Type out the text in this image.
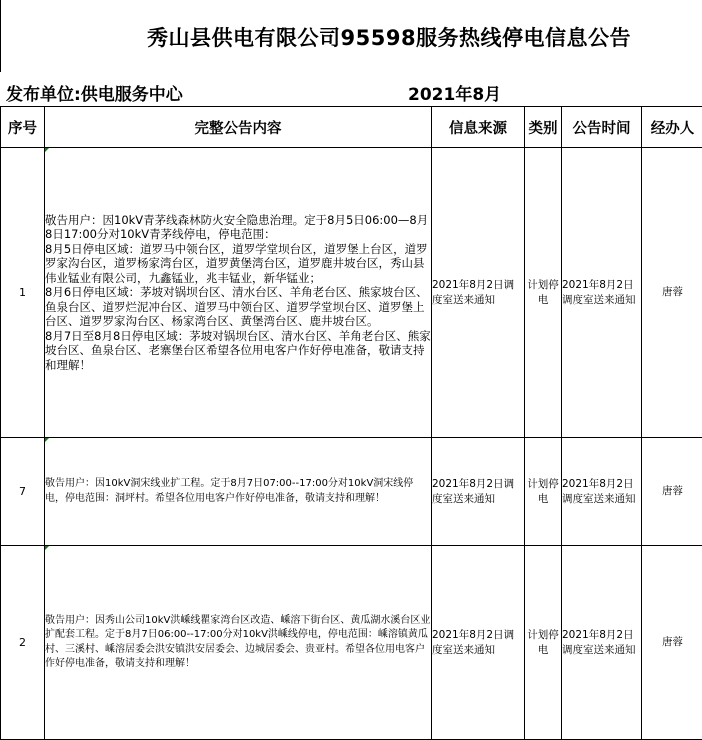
秀山县供电有限公司95598服务热线停电信息公告
发布单位:供电服务中心	2021年8月
序号	完整公告内容	信息来源	类别	公告时间	经办人
1	敬告用户：因10kV青茅线森林防火安全隐患治理。定于8月5日06:00—8月8日17:00分对10kV青茅线停电，停电范围：
8月5日停电区域：道罗马中领台区，道罗学堂坝台区，道罗堡上台区，道罗罗家沟台区，道罗杨家湾台区，道罗黄堡湾台区，道罗鹿井坡台区，秀山县伟业锰业有限公司，九鑫锰业，兆丰锰业，新华锰业；
8月6日停电区域：茅坡对锅坝台区、清水台区、羊角老台区、熊家坡台区、鱼泉台区、道罗烂泥冲台区、道罗马中领台区、道罗学堂坝台区、道罗堡上台区、道罗罗家沟台区、杨家湾台区、黄堡湾台区、鹿井坡台区。
8月7日至8月8日停电区域：茅坡对锅坝台区、清水台区、羊角老台区、熊家坡台区、鱼泉台区、老寨堡台区希望各位用电客户作好停电准备，敬请支持和理解！	2021年8月2日调度室送来通知	计划停电	2021年8月2日调度室送来通知	唐蓉
7	敬告用户：因10kV洞宋线业扩工程。定于8月7日07:00--17:00分对10kV洞宋线停电，停电范围：洞坪村。希望各位用电客户作好停电准备，敬请支持和理解！	2021年8月2日调度室送来通知	计划停电	2021年8月2日调度室送来通知	唐蓉
2	敬告用户：因秀山公司10kV洪嵊线瞿家湾台区改造、嵊溶下街台区、黄瓜湖水溪台区业扩配套工程。定于8月7日06:00--17:00分对10kV洪嵊线停电，停电范围：嵊溶镇黄瓜村、三溪村、嵊溶居委会洪安镇洪安居委会、边城居委会、贵亚村。希望各位用电客户作好停电准备，敬请支持和理解！	2021年8月2日调度室送来通知	计划停电	2021年8月2日调度室送来通知	唐蓉
